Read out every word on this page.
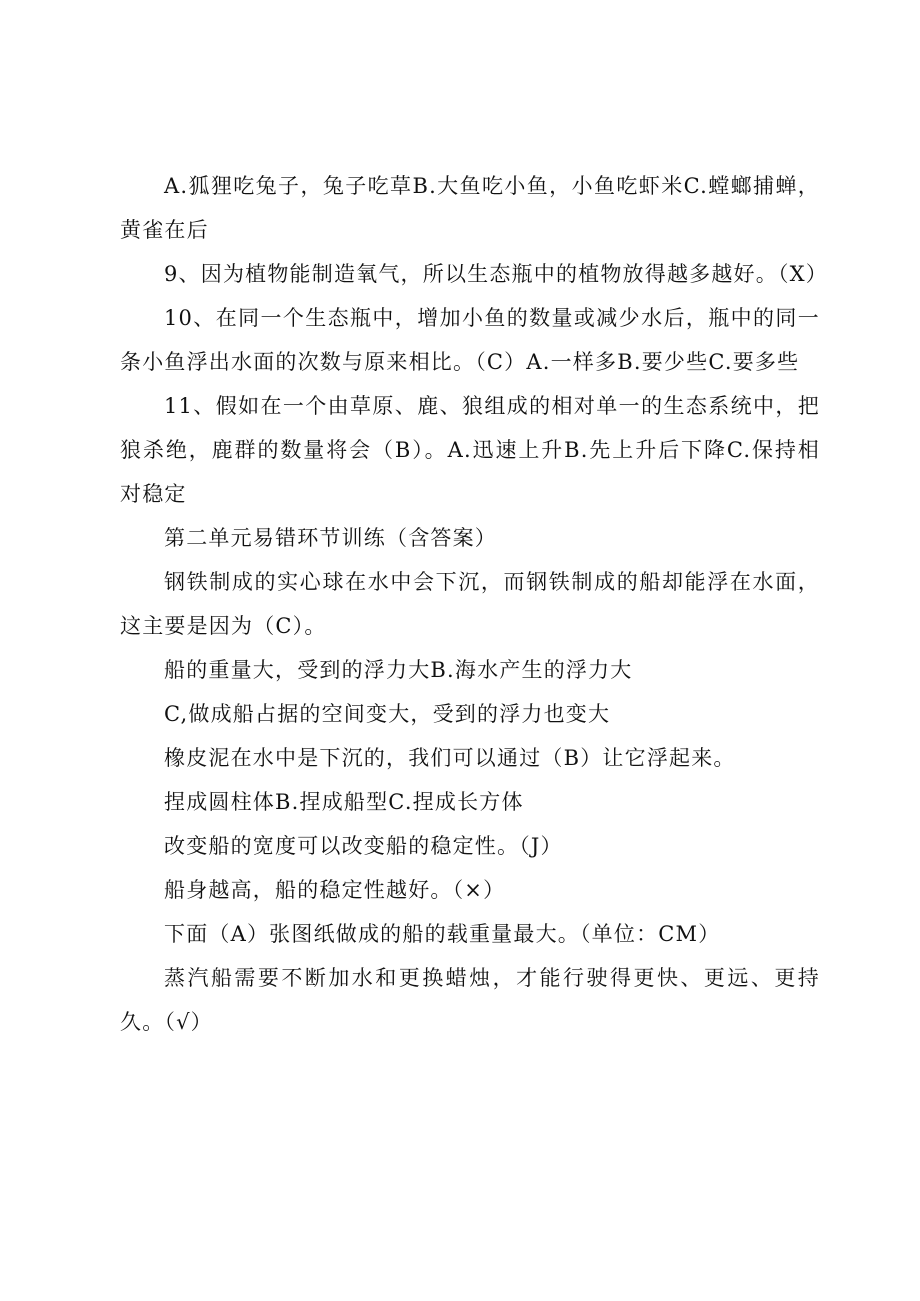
A.狐狸吃兔子，兔子吃草B.大鱼吃小鱼，小鱼吃虾米C.螳螂捕蝉，黄雀在后

9、因为植物能制造氧气，所以生态瓶中的植物放得越多越好。（X）

10、在同一个生态瓶中，增加小鱼的数量或减少水后，瓶中的同一条小鱼浮出水面的次数与原来相比。（C）A.一样多B.要少些C.要多些

11、假如在一个由草原、鹿、狼组成的相对单一的生态系统中，把狼杀绝，鹿群的数量将会（B）。A.迅速上升B.先上升后下降C.保持相对稳定

第二单元易错环节训练（含答案）

钢铁制成的实心球在水中会下沉，而钢铁制成的船却能浮在水面，这主要是因为（C）。

船的重量大，受到的浮力大B.海水产生的浮力大

C,做成船占据的空间变大，受到的浮力也变大

橡皮泥在水中是下沉的，我们可以通过（B）让它浮起来。

捏成圆柱体B.捏成船型C.捏成长方体

改变船的宽度可以改变船的稳定性。（J）

船身越高，船的稳定性越好。（×）

下面（A）张图纸做成的船的载重量最大。（单位：CM）

蒸汽船需要不断加水和更换蜡烛，才能行驶得更快、更远、更持久。（√）
